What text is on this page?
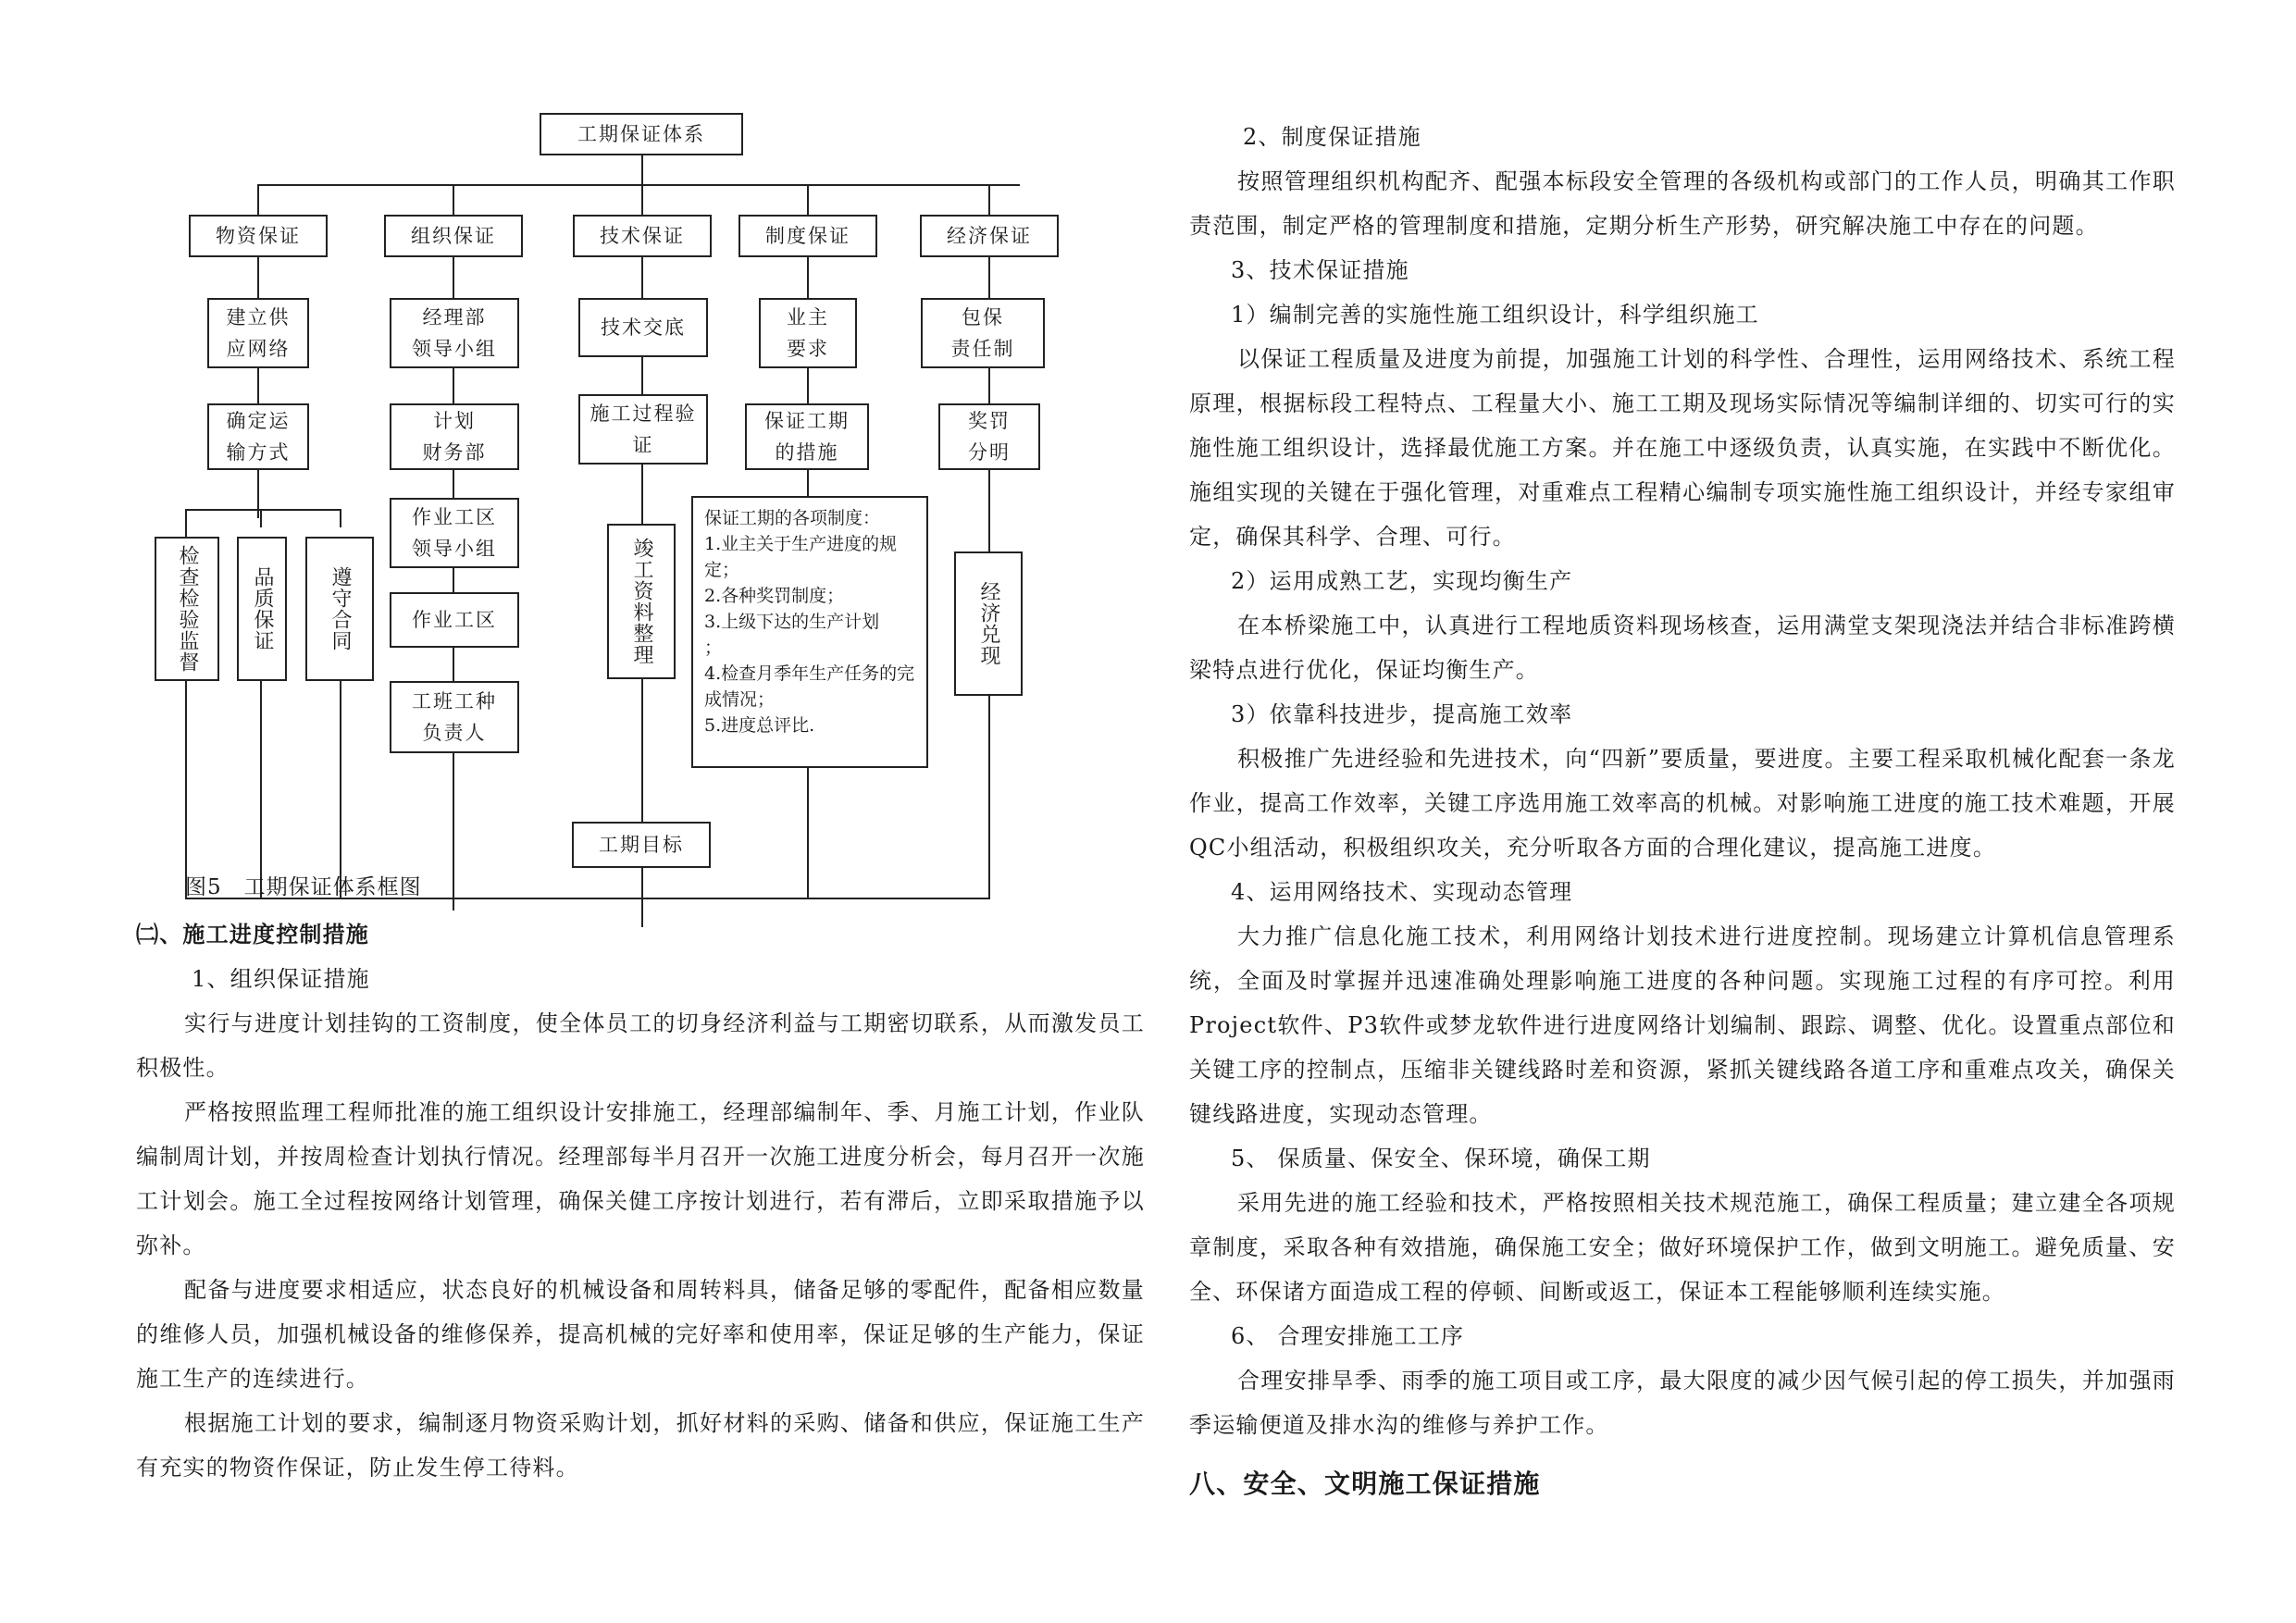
工期保证体系
工期目标
物资保证	组织保证	技术保证	制度保证	经济保证
建立供
应网络
确定运
输方式
检查检验监督	品质保证	遵守合同
经理部
领导小组
计划
财务部
作业工区
领导小组
作业工区
工班工种
负责人
技术交底
施工过程验
证
竣工资料整理
业主
要求
保证工期
的措施
保证工期的各项制度：
1.业主关于生产进度的规定；
2.各种奖罚制度；
3.上级下达的生产计划
；
4.检查月季年生产任务的完成情况；
5.进度总评比.
包保
责任制
奖罚
分明
经济兑现
图5　工期保证体系框图

㈡、施工进度控制措施

1、组织保证措施

实行与进度计划挂钩的工资制度，使全体员工的切身经济利益与工期密切联系，从而激发员工积极性。

严格按照监理工程师批准的施工组织设计安排施工，经理部编制年、季、月施工计划，作业队编制周计划，并按周检查计划执行情况。经理部每半月召开一次施工进度分析会，每月召开一次施工计划会。施工全过程按网络计划管理，确保关健工序按计划进行，若有滞后，立即采取措施予以弥补。

配备与进度要求相适应，状态良好的机械设备和周转料具，储备足够的零配件，配备相应数量的维修人员，加强机械设备的维修保养，提高机械的完好率和使用率，保证足够的生产能力，保证施工生产的连续进行。

根据施工计划的要求，编制逐月物资采购计划，抓好材料的采购、储备和供应，保证施工生产有充实的物资作保证，防止发生停工待料。

2、制度保证措施

按照管理组织机构配齐、配强本标段安全管理的各级机构或部门的工作人员，明确其工作职责范围，制定严格的管理制度和措施，定期分析生产形势，研究解决施工中存在的问题。

3、技术保证措施

1）编制完善的实施性施工组织设计，科学组织施工

以保证工程质量及进度为前提，加强施工计划的科学性、合理性，运用网络技术、系统工程原理，根据标段工程特点、工程量大小、施工工期及现场实际情况等编制详细的、切实可行的实施性施工组织设计，选择最优施工方案。并在施工中逐级负责，认真实施，在实践中不断优化。施组实现的关键在于强化管理，对重难点工程精心编制专项实施性施工组织设计，并经专家组审定，确保其科学、合理、可行。

2）运用成熟工艺，实现均衡生产

在本桥梁施工中，认真进行工程地质资料现场核查，运用满堂支架现浇法并结合非标准跨横梁特点进行优化，保证均衡生产。

3）依靠科技进步，提高施工效率

积极推广先进经验和先进技术，向“四新”要质量，要进度。主要工程采取机械化配套一条龙作业，提高工作效率，关键工序选用施工效率高的机械。对影响施工进度的施工技术难题，开展QC小组活动，积极组织攻关，充分听取各方面的合理化建议，提高施工进度。

4、运用网络技术、实现动态管理

大力推广信息化施工技术，利用网络计划技术进行进度控制。现场建立计算机信息管理系统，全面及时掌握并迅速准确处理影响施工进度的各种问题。实现施工过程的有序可控。利用Project软件、P3软件或梦龙软件进行进度网络计划编制、跟踪、调整、优化。设置重点部位和关键工序的控制点，压缩非关键线路时差和资源，紧抓关键线路各道工序和重难点攻关，确保关键线路进度，实现动态管理。

5、 保质量、保安全、保环境，确保工期

采用先进的施工经验和技术，严格按照相关技术规范施工，确保工程质量；建立建全各项规章制度，采取各种有效措施，确保施工安全；做好环境保护工作，做到文明施工。避免质量、安全、环保诸方面造成工程的停顿、间断或返工，保证本工程能够顺利连续实施。

6、 合理安排施工工序

合理安排旱季、雨季的施工项目或工序，最大限度的减少因气候引起的停工损失，并加强雨季运输便道及排水沟的维修与养护工作。

八、安全、文明施工保证措施
